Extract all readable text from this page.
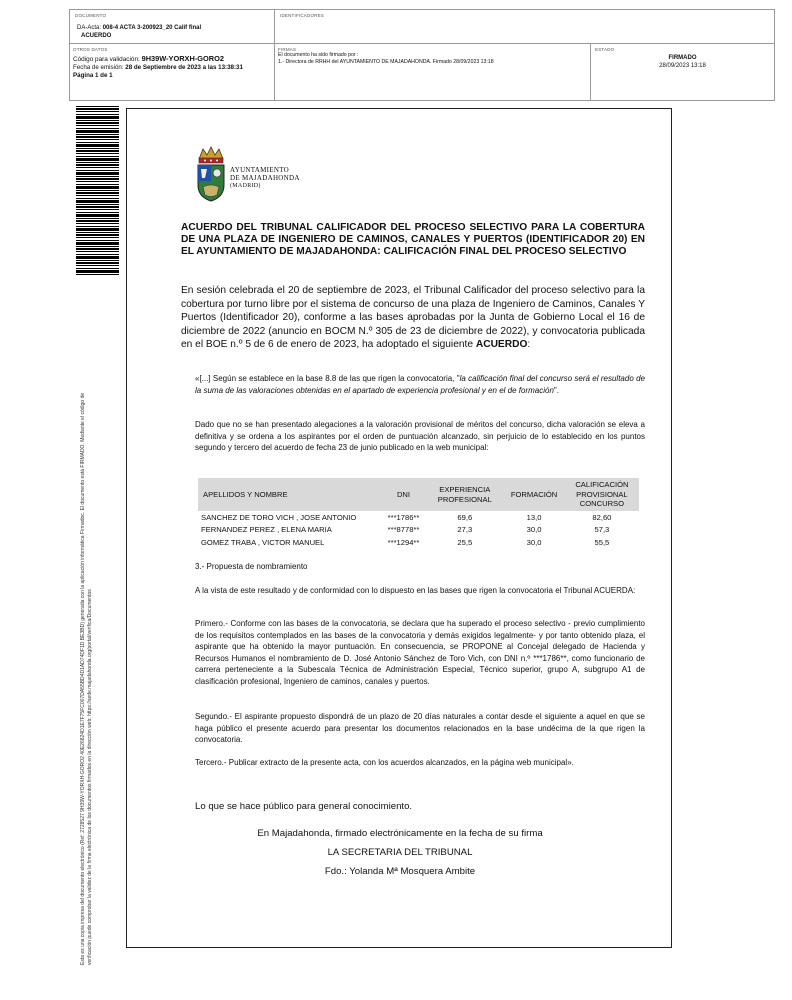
DOCUMENTO
DA-Acta: 008-4 ACTA 3-200923_20 Calif final
ACUERDO
IDENTIFICADORES
OTROS DATOS
Código para validación: 9H39W-YORXH-GORO2
Fecha de emisión: 28 de Septiembre de 2023 a las 13:38:31
Página 1 de 1
FIRMAS
El documento ha sido firmado por :
1.- Directora de RRHH del AYUNTAMIENTO DE MAJADAHONDA. Firmado 28/09/2023 13:18
ESTADO
FIRMADO
28/09/2023 13:18
Esta es una copia impresa del documento electrónico (Ref: 2728527 9H39W-YORXH-GORO2 40E26824D1E7F75FC007DA55BD4D1AD74DF1D BE3BD) generada con la aplicación informática Firmadoc. El documento está FIRMADO. Mediante el código de verificación puede comprobar la validez de la firma electrónica de los documentos firmados en la dirección web: https://sede.majadahonda.org/portal/verifica/Documentos
AYUNTAMIENTO
DE MAJADAHONDA
(MADRID)
ACUERDO DEL TRIBUNAL CALIFICADOR DEL PROCESO SELECTIVO PARA LA COBERTURA DE UNA PLAZA DE INGENIERO DE CAMINOS, CANALES Y PUERTOS (IDENTIFICADOR 20) EN EL AYUNTAMIENTO DE MAJADAHONDA: CALIFICACIÓN FINAL DEL PROCESO SELECTIVO
En sesión celebrada el 20 de septiembre de 2023, el Tribunal Calificador del proceso selectivo para la cobertura por turno libre por el sistema de concurso de una plaza de Ingeniero de Caminos, Canales Y Puertos (Identificador 20), conforme a las bases aprobadas por la Junta de Gobierno Local el 16 de diciembre de 2022 (anuncio en BOCM N.º 305 de 23 de diciembre de 2022), y convocatoria publicada en el BOE n.º 5 de 6 de enero de 2023, ha adoptado el siguiente ACUERDO:
«[...] Según se establece en la base 8.8 de las que rigen la convocatoria, "la calificación final del concurso será el resultado de la suma de las valoraciones obtenidas en el apartado de experiencia profesional y en el de formación".
Dado que no se han presentado alegaciones a la valoración provisional de méritos del concurso, dicha valoración se eleva a definitiva y se ordena a los aspirantes por el orden de puntuación alcanzado, sin perjuicio de lo establecido en los puntos segundo y tercero del acuerdo de fecha 23 de junio publicado en la web municipal:
APELLIDOS Y NOMBRE	DNI	EXPERIENCIA PROFESIONAL	FORMACIÓN	CALIFICACIÓN PROVISIONAL CONCURSO
SANCHEZ DE TORO VICH , JOSE ANTONIO	***1786**	69,6	13,0	82,60
FERNANDEZ PEREZ , ELENA MARIA	***8778**	27,3	30,0	57,3
GOMEZ TRABA , VICTOR MANUEL	***1294**	25,5	30,0	55,5
3.- Propuesta de nombramiento
A la vista de este resultado y de conformidad con lo dispuesto en las bases que rigen la convocatoria el Tribunal ACUERDA:
Primero.- Conforme con las bases de la convocatoria, se declara que ha superado el proceso selectivo - previo cumplimiento de los requisitos contemplados en las bases de la convocatoria y demás exigidos legalmente- y por tanto obtenido plaza, el aspirante que ha obtenido la mayor puntuación. En consecuencia, se PROPONE al Concejal delegado de Hacienda y Recursos Humanos el nombramiento de D. José Antonio Sánchez de Toro Vich, con DNI n.º ***1786**, como funcionario de carrera perteneciente a la Subescala Técnica de Administración Especial, Técnico superior, grupo A, subgrupo A1 de clasificación profesional, Ingeniero de caminos, canales y puertos.
Segundo.- El aspirante propuesto dispondrá de un plazo de 20 días naturales a contar desde el siguiente a aquel en que se haga público el presente acuerdo para presentar los documentos relacionados en la base undécima de la que rigen la convocatoria.
Tercero.- Publicar extracto de la presente acta, con los acuerdos alcanzados, en la página web municipal».
Lo que se hace público para general conocimiento.
En Majadahonda, firmado electrónicamente en la fecha de su firma
LA SECRETARIA DEL TRIBUNAL
Fdo.: Yolanda Mª Mosquera Ambite
